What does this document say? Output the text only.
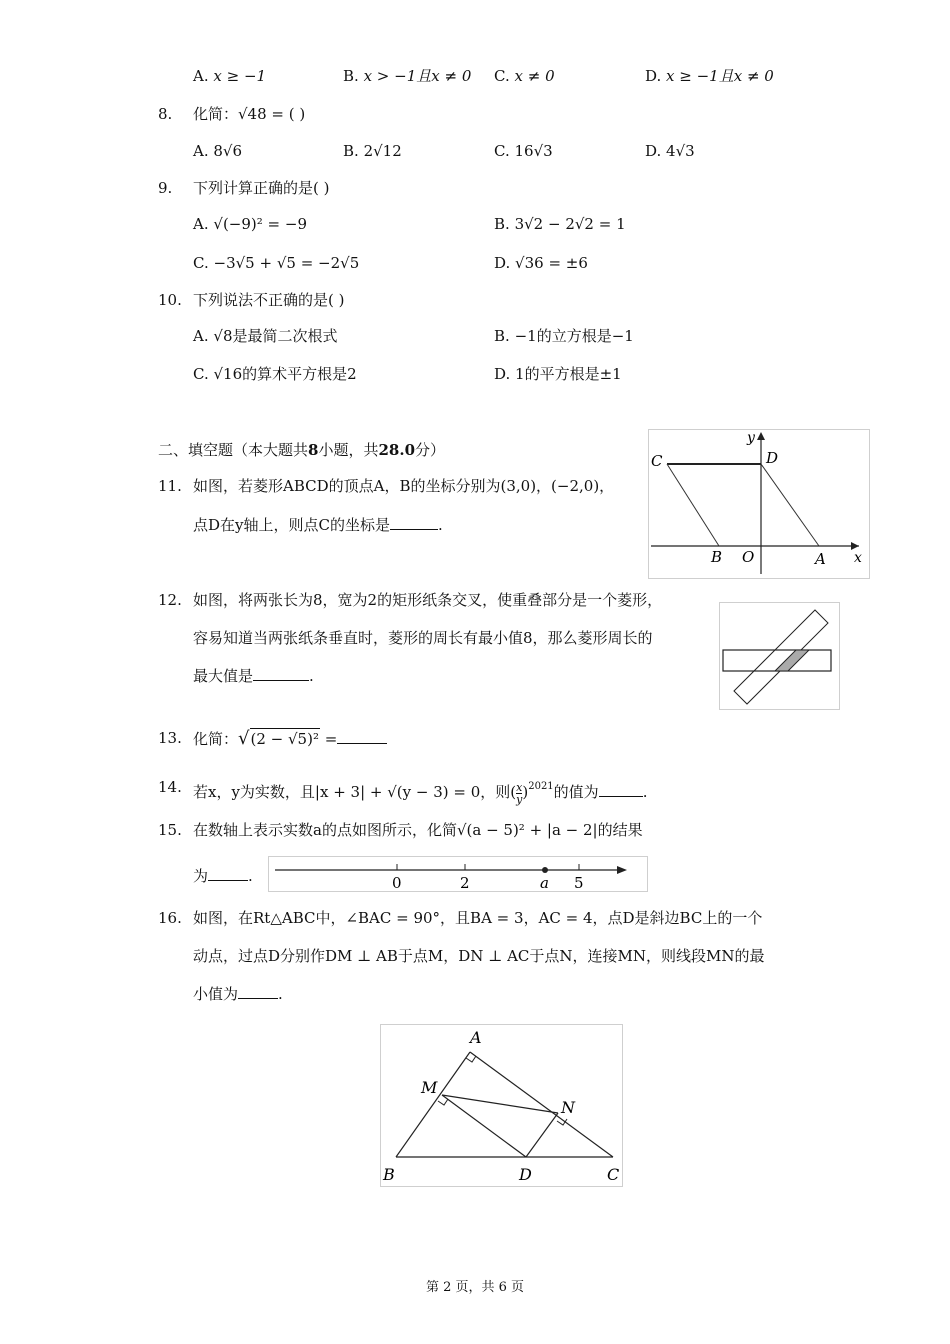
A. x ≥ −1	B. x > −1且x ≠ 0 C. x ≠ 0	D. x ≥ −1且x ≠ 0
8. 化简：√48 = ( )
A. 8√6	B. 2√12	C. 16√3	D. 4√3
9. 下列计算正确的是( )
A. √(−9)² = −9	B. 3√2 − 2√2 = 1
C. −3√5 + √5 = −2√5	D. √36 = ±6
10. 下列说法不正确的是( )
A. √8是最简二次根式	B. −1的立方根是−1
C. √16的算术平方根是2	D. 1的平方根是±1
二、填空题（本大题共8小题，共28.0分）
11. 如图，若菱形ABCD的顶点A，B的坐标分别为(3,0)，(−2,0)，
点D在y轴上，则点C的坐标是	.
C	D
y
B O	A x
12. 如图，将两张长为8，宽为2的矩形纸条交叉，使重叠部分是一个菱形，
容易知道当两张纸条垂直时，菱形的周长有最小值8，那么菱形周长的
最大值是	.
13. 化简：√(2 − √5)² =
14. 若x，y为实数，且|x + 3| + √(y − 3) = 0，则( $\frac{x}{y} )^{2021}$的值为	.
15. 在数轴上表示实数a的点如图所示，化简√(a − 5)² + |a − 2|的结果
为	.	0	2	a 5
16. 如图，在Rt△ABC中，∠BAC = 90°，且BA = 3，AC = 4，点D是斜边BC上的一个
动点，过点D分别作DM ⊥ AB于点M，DN ⊥ AC于点N，连接MN，则线段MN的最
小值为	.
A
M
N
B	D	C
第 2 页，共 6 页
